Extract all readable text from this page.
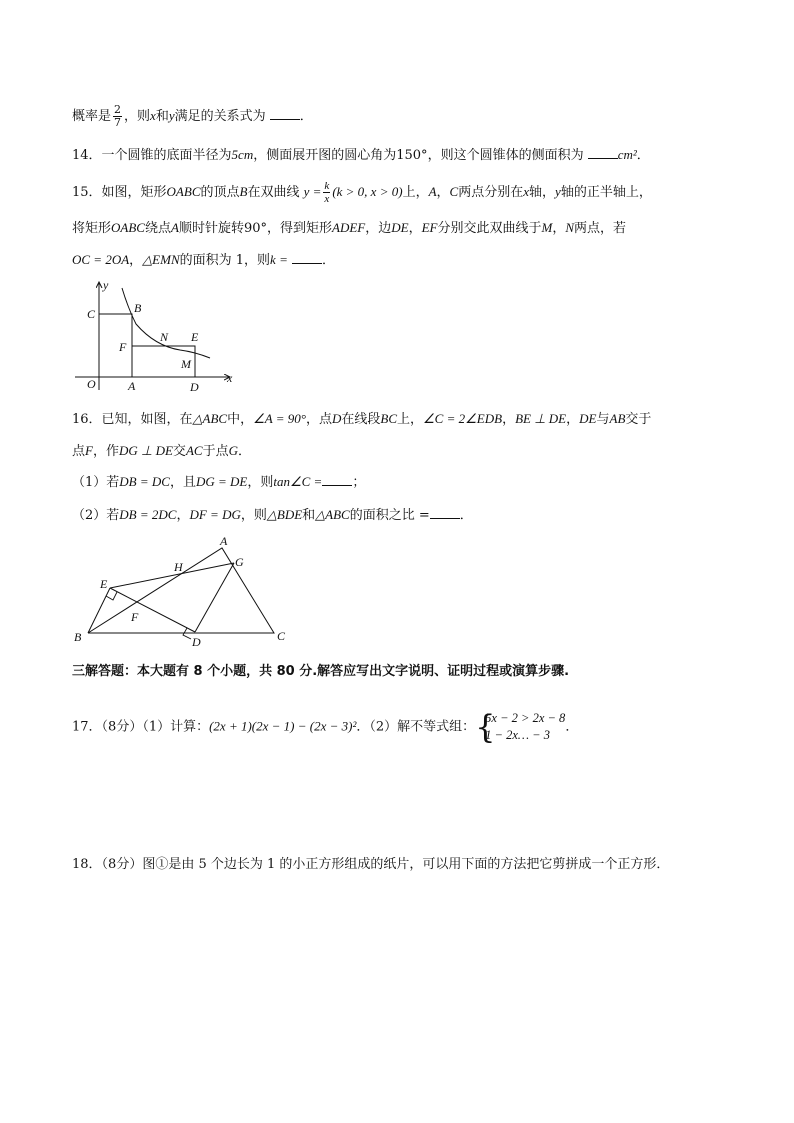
概率是 $\frac{2}{7}$ ，则x和y满足的关系式为	．
14．一个圆锥的底面半径为5cm，侧面展开图的圆心角为150°，则这个圆锥体的侧面积为	cm²．
15．如图，矩形OABC的顶点B在双曲线 $y = \frac{k}{x} (k > 0$, x > 0)上，A，C两点分别在x轴，y轴的正半轴上，
将矩形OABC绕点A顺时针旋转90°，得到矩形ADEF，边DE，EF分别交此双曲线于M，N两点，若
OC = 2OA，△EMN的面积为 1，则k =	．
y
C	B
N E
F
M
O	A	D
x
16．已知，如图，在△ABC中，∠A = 90°，点D在线段BC上，∠C = 2∠EDB，BE ⊥ DE，DE与AB交于
点F，作DG ⊥ DE交AC于点G．
（1）若DB = DC，且DG = DE，则tan∠C = ；
（2）若DB = 2DC，DF = DG，则△BDE和△ABC的面积之比 = ．
A
H	G
E
F
B	D	C
三解答题：本大题有 8 个小题，共 80 分.解答应写出文字说明、证明过程或演算步骤.
17．（8分）（1）计算：(2x + 1)(2x − 1) − (2x − 3)²．（2）解不等式组： {
5x − 2 > 2x − 8
1 − 2x… − 3
．
18．（8分）图①是由 5 个边长为 1 的小正方形组成的纸片，可以用下面的方法把它剪拼成一个正方形．
